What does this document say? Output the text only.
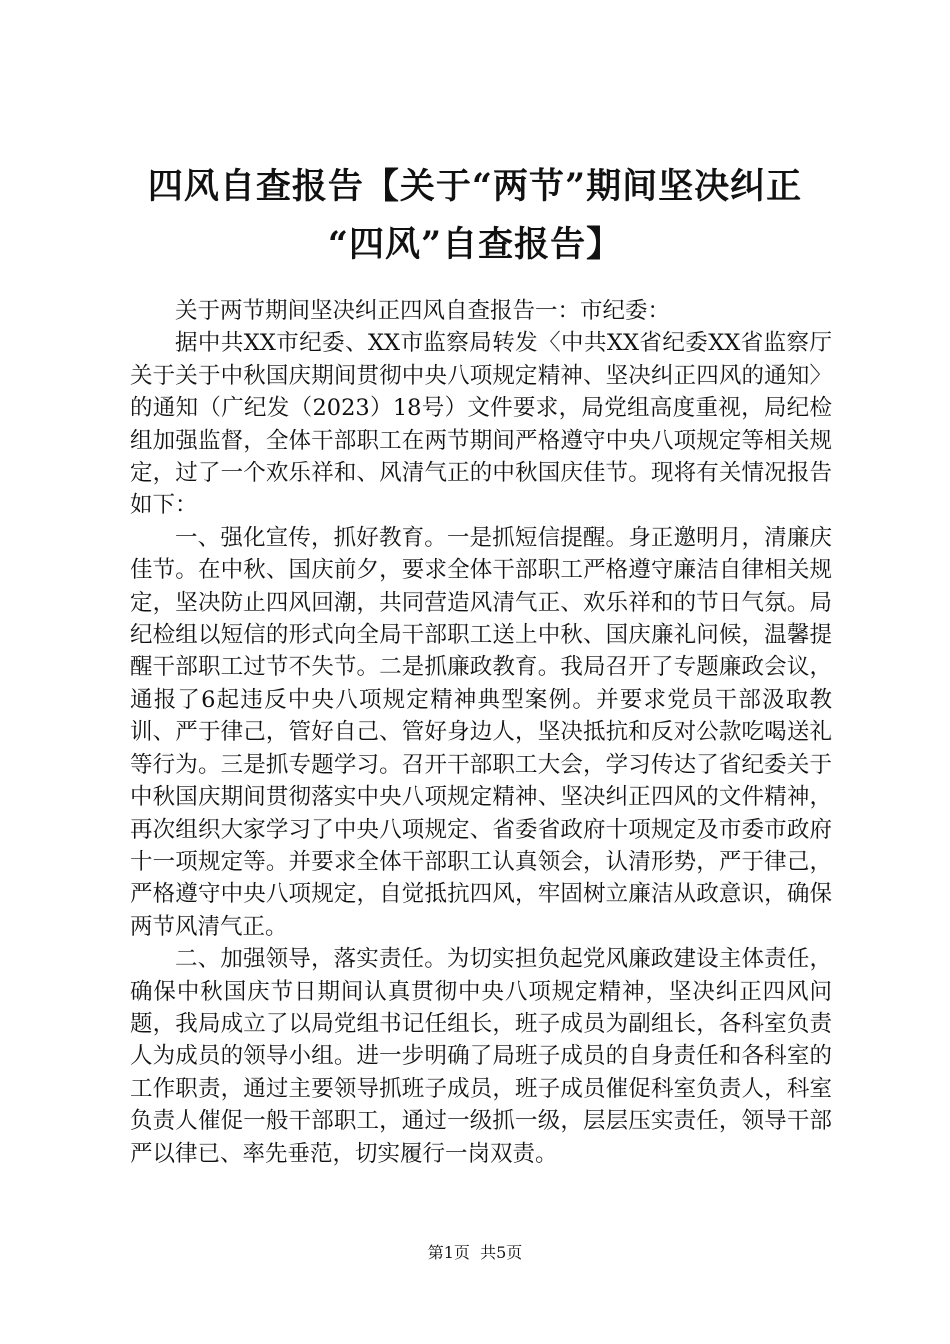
四风自查报告【关于“两节”期间坚决纠正
“四风”自查报告】

关于两节期间坚决纠正四风自查报告一：市纪委：

据中共XX市纪委、XX市监察局转发〈中共XX省纪委XX省监察厅关于关于中秋国庆期间贯彻中央八项规定精神、坚决纠正四风的通知〉的通知（广纪发（2023）18号）文件要求，局党组高度重视，局纪检组加强监督，全体干部职工在两节期间严格遵守中央八项规定等相关规定，过了一个欢乐祥和、风清气正的中秋国庆佳节。现将有关情况报告如下：

一、强化宣传，抓好教育。一是抓短信提醒。身正邀明月，清廉庆佳节。在中秋、国庆前夕，要求全体干部职工严格遵守廉洁自律相关规定，坚决防止四风回潮，共同营造风清气正、欢乐祥和的节日气氛。局纪检组以短信的形式向全局干部职工送上中秋、国庆廉礼问候，温馨提醒干部职工过节不失节。二是抓廉政教育。我局召开了专题廉政会议，通报了6起违反中央八项规定精神典型案例。并要求党员干部汲取教训、严于律己，管好自己、管好身边人，坚决抵抗和反对公款吃喝送礼等行为。三是抓专题学习。召开干部职工大会，学习传达了省纪委关于中秋国庆期间贯彻落实中央八项规定精神、坚决纠正四风的文件精神，再次组织大家学习了中央八项规定、省委省政府十项规定及市委市政府十一项规定等。并要求全体干部职工认真领会，认清形势，严于律己，严格遵守中央八项规定，自觉抵抗四风，牢固树立廉洁从政意识，确保两节风清气正。

二、加强领导，落实责任。为切实担负起党风廉政建设主体责任，确保中秋国庆节日期间认真贯彻中央八项规定精神，坚决纠正四风问题，我局成立了以局党组书记任组长，班子成员为副组长，各科室负责人为成员的领导小组。进一步明确了局班子成员的自身责任和各科室的工作职责，通过主要领导抓班子成员，班子成员催促科室负责人，科室负责人催促一般干部职工，通过一级抓一级，层层压实责任，领导干部严以律已、率先垂范，切实履行一岗双责。

第1页  共5页
